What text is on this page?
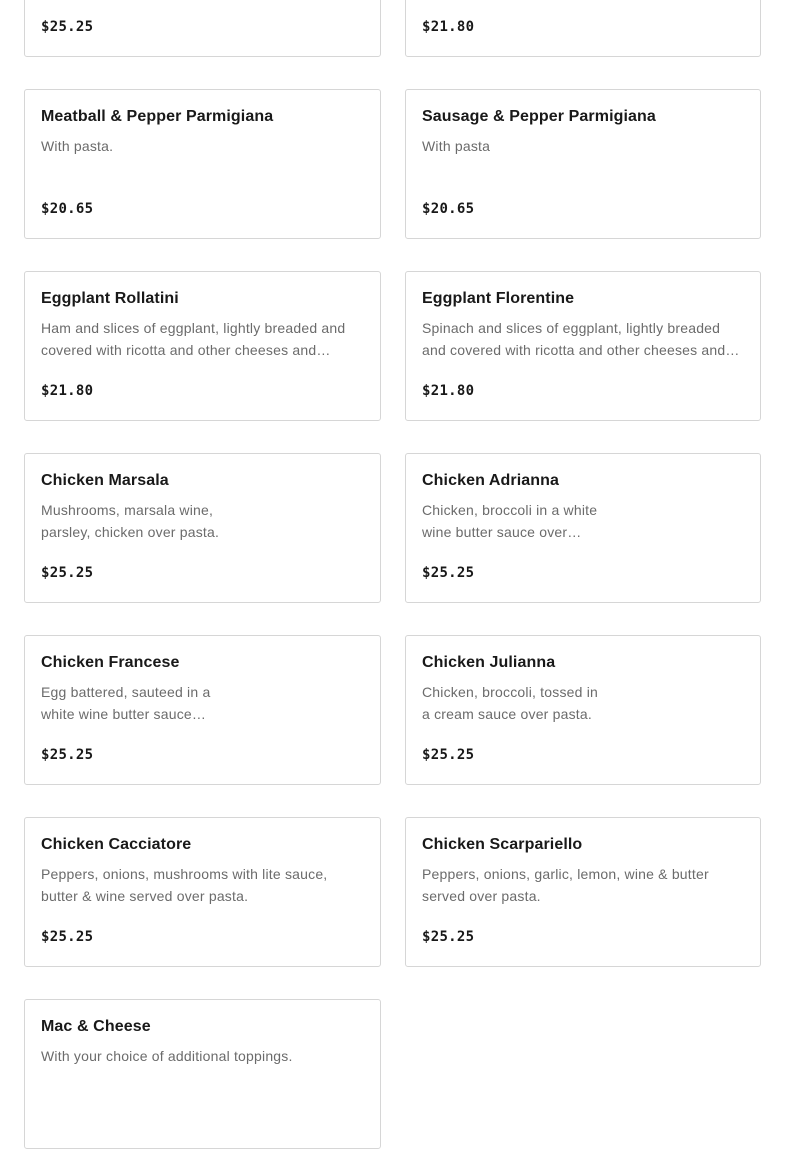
$25.25	$21.80
Meatball & Pepper Parmigiana
With pasta.
$20.65
Sausage & Pepper Parmigiana
With pasta
$20.65
Eggplant Rollatini
Ham and slices of eggplant, lightly breaded and
covered with ricotta and other cheeses and…
$21.80
Eggplant Florentine
Spinach and slices of eggplant, lightly breaded
and covered with ricotta and other cheeses and…
$21.80
Chicken Marsala
Mushrooms, marsala wine,
parsley, chicken over pasta.
$25.25
Chicken Adrianna
Chicken, broccoli in a white
wine butter sauce over…
$25.25
Chicken Francese
Egg battered, sauteed in a
white wine butter sauce…
$25.25
Chicken Julianna
Chicken, broccoli, tossed in
a cream sauce over pasta.
$25.25
Chicken Cacciatore
Peppers, onions, mushrooms with lite sauce,
butter & wine served over pasta.
$25.25
Chicken Scarpariello
Peppers, onions, garlic, lemon, wine & butter
served over pasta.
$25.25
Mac & Cheese
With your choice of additional toppings.
